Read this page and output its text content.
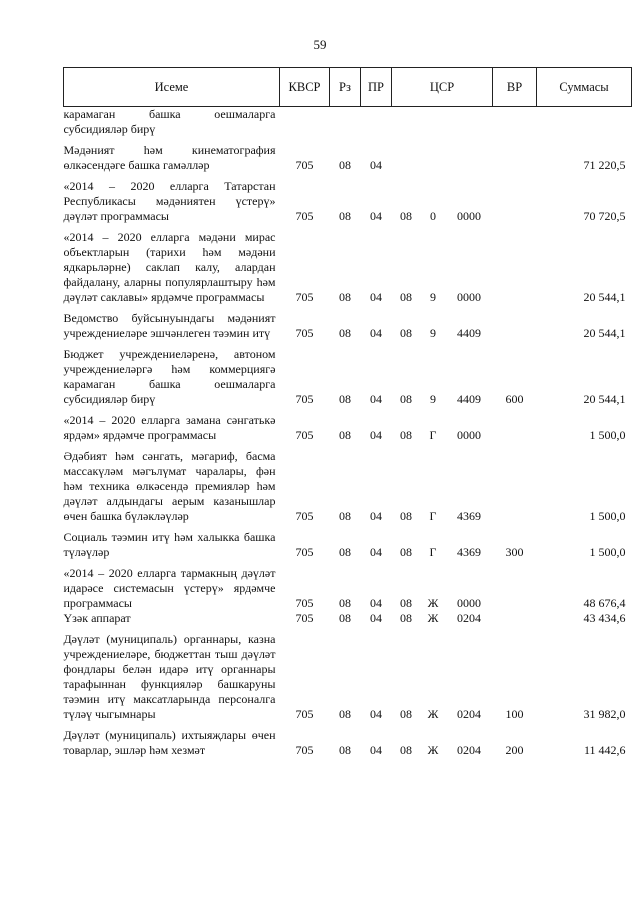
59
Исеме	КВСР	Рз	ПР	ЦСР			ВР	Суммасы
карамаган башка оешмаларга субсидияләр бирү								
Мәдәният һәм кинематография өлкәсендәге башка гамәлләр	705	08	04					71 220,5
«2014 – 2020 елларга Татарстан Республикасы мәдәниятен үстерү» дәүләт программасы	705	08	04	08	0	0000		70 720,5
«2014 – 2020 елларга мәдәни мирас объектларын (тарихи һәм мәдәни ядкарьләрне) саклап калу, алардан файдалану, аларны популярлаштыру һәм дәүләт саклавы» ярдәмче программасы	705	08	04	08	9	0000		20 544,1
Ведомство буйсынуындагы мәдәният учреждениеләре эшчәнлеген тәэмин итү	705	08	04	08	9	4409		20 544,1
Бюджет учреждениеләренә, автоном учреждениеләргә һәм коммерциягә карамаган башка оешмаларга субсидияләр бирү	705	08	04	08	9	4409	600	20 544,1
«2014 – 2020 елларга замана сәнгатькә ярдәм» ярдәмче программасы	705	08	04	08	Г	0000		1 500,0
Әдәбият һәм сәнгать, мәгариф, басма массакүләм мәгълүмат чаралары, фән һәм техника өлкәсендә премияләр һәм дәүләт алдындагы аерым казанышлар өчен башка бүләкләүләр	705	08	04	08	Г	4369		1 500,0
Социаль тәэмин итү һәм халыкка башка түләүләр	705	08	04	08	Г	4369	300	1 500,0
«2014 – 2020 елларга тармакның дәүләт идарәсе системасын үстерү» ярдәмче программасы	705	08	04	08	Ж	0000		48 676,4
Үзәк аппарат	705	08	04	08	Ж	0204		43 434,6
Дәүләт (муниципаль) органнары, казна учреждениеләре, бюджеттан тыш дәүләт фондлары белән идарә итү органнары тарафыннан функцияләр башкаруны тәэмин итү максатларында персоналга түләү чыгымнары	705	08	04	08	Ж	0204	100	31 982,0
Дәүләт (муниципаль) ихтыяҗлары өчен товарлар, эшләр һәм хезмәт	705	08	04	08	Ж	0204	200	11 442,6
